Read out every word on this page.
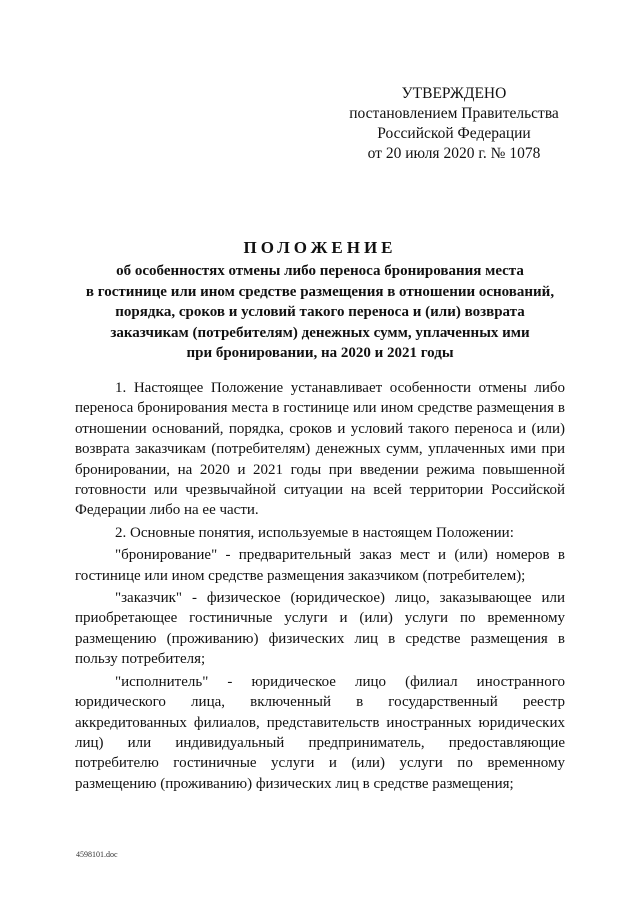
УТВЕРЖДЕНО
постановлением Правительства
Российской Федерации
от 20 июля 2020 г. № 1078
ПОЛОЖЕНИЕ
об особенностях отмены либо переноса бронирования места
в гостинице или ином средстве размещения в отношении оснований,
порядка, сроков и условий такого переноса и (или) возврата
заказчикам (потребителям) денежных сумм, уплаченных ими
при бронировании, на 2020 и 2021 годы

1. Настоящее Положение устанавливает особенности отмены либо переноса бронирования места в гостинице или ином средстве размещения в отношении оснований, порядка, сроков и условий такого переноса и (или) возврата заказчикам (потребителям) денежных сумм, уплаченных ими при бронировании, на 2020 и 2021 годы при введении режима повышенной готовности или чрезвычайной ситуации на всей территории Российской Федерации либо на ее части.

2. Основные понятия, используемые в настоящем Положении:

"бронирование" - предварительный заказ мест и (или) номеров в гостинице или ином средстве размещения заказчиком (потребителем);

"заказчик" - физическое (юридическое) лицо, заказывающее или приобретающее гостиничные услуги и (или) услуги по временному размещению (проживанию) физических лиц в средстве размещения в пользу потребителя;

"исполнитель" - юридическое лицо (филиал иностранного юридического лица, включенный в государственный реестр аккредитованных филиалов, представительств иностранных юридических лиц) или индивидуальный предприниматель, предоставляющие потребителю гостиничные услуги и (или) услуги по временному размещению (проживанию) физических лиц в средстве размещения;

4598101.doc
